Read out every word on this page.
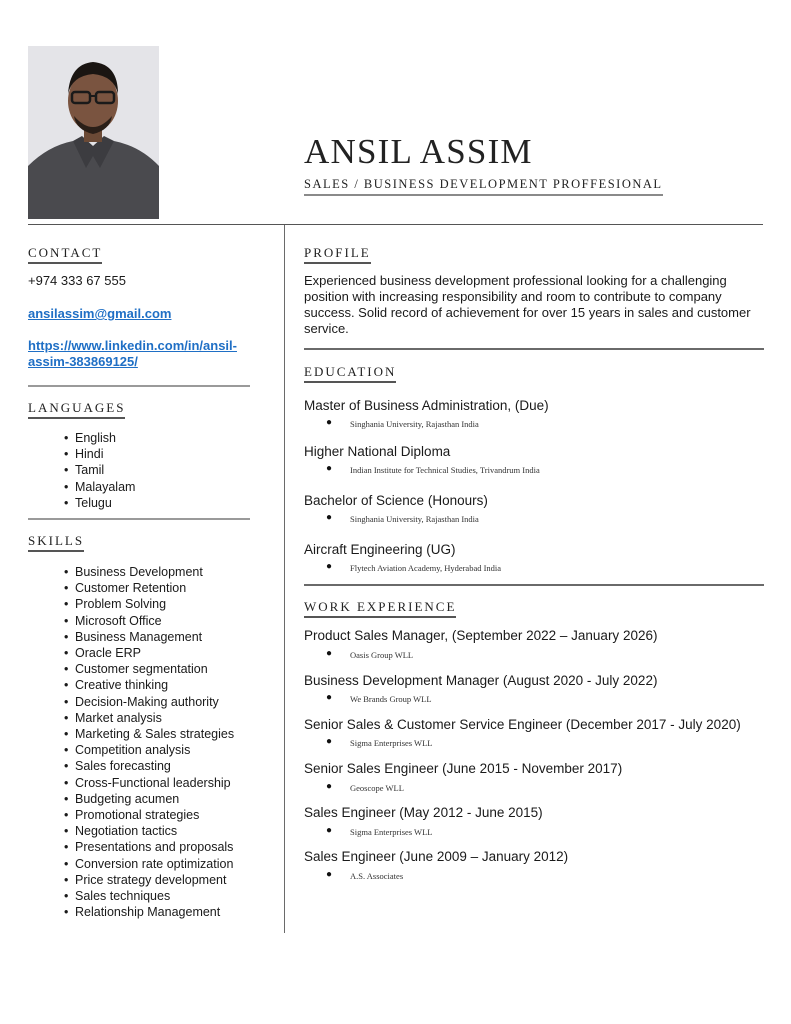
ANSIL ASSIM
SALES / BUSINESS DEVELOPMENT PROFFESIONAL
CONTACT
+974 333 67 555
ansilassim@gmail.com
https://www.linkedin.com/in/ansil-
assim-383869125/
LANGUAGES
• English
• Hindi
• Tamil
• Malayalam
• Telugu
SKILLS
• Business Development
• Customer Retention
• Problem Solving
• Microsoft Office
• Business Management
• Oracle ERP
• Customer segmentation
• Creative thinking
• Decision-Making authority
• Market analysis
• Marketing & Sales strategies
• Competition analysis
• Sales forecasting
• Cross-Functional leadership
• Budgeting acumen
• Promotional strategies
• Negotiation tactics
• Presentations and proposals
• Conversion rate optimization
• Price strategy development
• Sales techniques
• Relationship Management
PROFILE
Experienced business development professional looking for a challenging
position with increasing responsibility and room to contribute to company
success. Solid record of achievement for over 15 years in sales and customer
service.
EDUCATION
Master of Business Administration, (Due)
● Singhania University, Rajasthan India
Higher National Diploma
● Indian Institute for Technical Studies, Trivandrum India
Bachelor of Science (Honours)
● Singhania University, Rajasthan India
Aircraft Engineering (UG)
● Flytech Aviation Academy, Hyderabad India
WORK EXPERIENCE
Product Sales Manager, (September 2022 – January 2026)
● Oasis Group WLL
Business Development Manager (August 2020 - July 2022)
● We Brands Group WLL
Senior Sales & Customer Service Engineer (December 2017 - July 2020)
● Sigma Enterprises WLL
Senior Sales Engineer (June 2015 - November 2017)
● Geoscope WLL
Sales Engineer (May 2012 - June 2015)
● Sigma Enterprises WLL
Sales Engineer (June 2009 – January 2012)
● A.S. Associates
